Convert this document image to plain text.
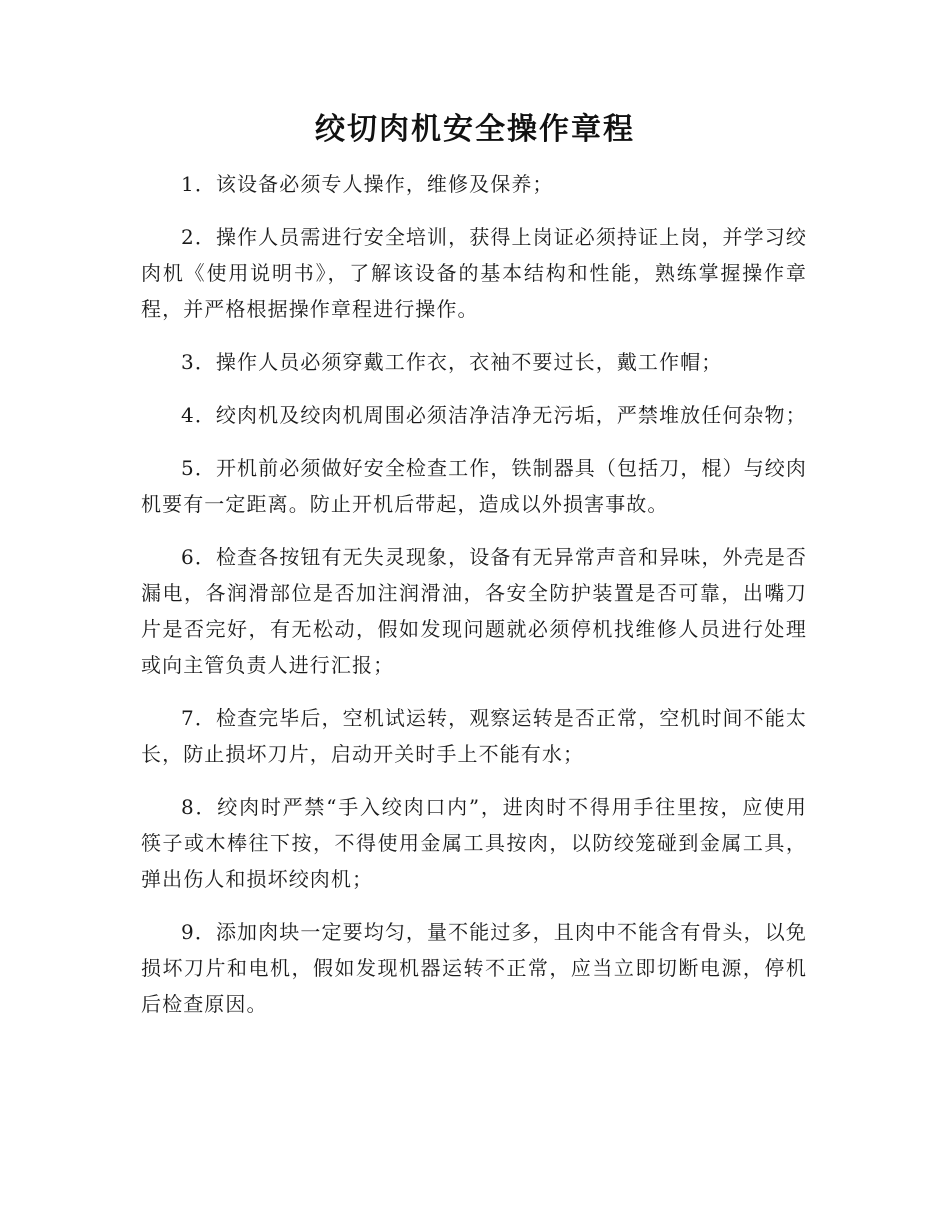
绞切肉机安全操作章程

1．该设备必须专人操作，维修及保养；

2．操作人员需进行安全培训，获得上岗证必须持证上岗，并学习绞肉机《使用说明书》，了解该设备的基本结构和性能，熟练掌握操作章程，并严格根据操作章程进行操作。

3．操作人员必须穿戴工作衣，衣袖不要过长，戴工作帽；

4．绞肉机及绞肉机周围必须洁净洁净无污垢，严禁堆放任何杂物；

5．开机前必须做好安全检查工作，铁制器具（包括刀，棍）与绞肉机要有一定距离。防止开机后带起，造成以外损害事故。

6．检查各按钮有无失灵现象，设备有无异常声音和异味，外壳是否漏电，各润滑部位是否加注润滑油，各安全防护装置是否可靠，出嘴刀片是否完好，有无松动，假如发现问题就必须停机找维修人员进行处理或向主管负责人进行汇报；

7．检查完毕后，空机试运转，观察运转是否正常，空机时间不能太长，防止损坏刀片，启动开关时手上不能有水；

8．绞肉时严禁“手入绞肉口内”，进肉时不得用手往里按，应使用筷子或木棒往下按，不得使用金属工具按肉，以防绞笼碰到金属工具，弹出伤人和损坏绞肉机；

9．添加肉块一定要均匀，量不能过多，且肉中不能含有骨头，以免损坏刀片和电机，假如发现机器运转不正常，应当立即切断电源，停机后检查原因。
